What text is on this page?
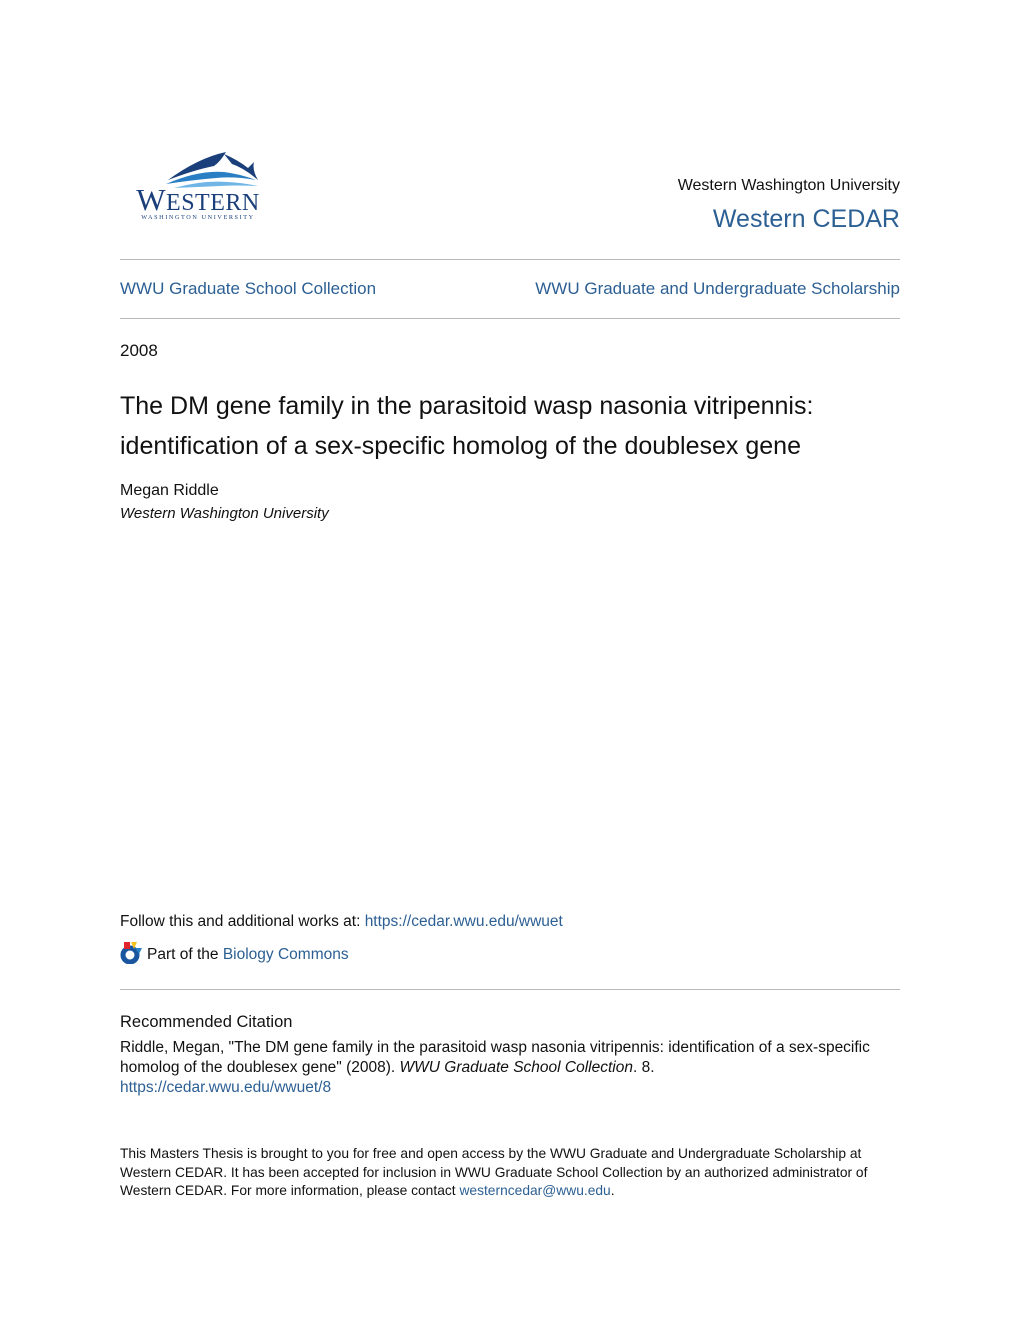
WESTERN
WASHINGTON UNIVERSITY
Western Washington University
Western CEDAR
WWU Graduate School Collection	WWU Graduate and Undergraduate Scholarship
2008
The DM gene family in the parasitoid wasp nasonia vitripennis: identification of a sex-specific homolog of the doublesex gene
Megan Riddle
Western Washington University
Follow this and additional works at: https://cedar.wwu.edu/wwuet
Part of the Biology Commons
Recommended Citation
Riddle, Megan, "The DM gene family in the parasitoid wasp nasonia vitripennis: identification of a sex-specific homolog of the doublesex gene" (2008). WWU Graduate School Collection. 8.
https://cedar.wwu.edu/wwuet/8
This Masters Thesis is brought to you for free and open access by the WWU Graduate and Undergraduate Scholarship at Western CEDAR. It has been accepted for inclusion in WWU Graduate School Collection by an authorized administrator of Western CEDAR. For more information, please contact westerncedar@wwu.edu.
